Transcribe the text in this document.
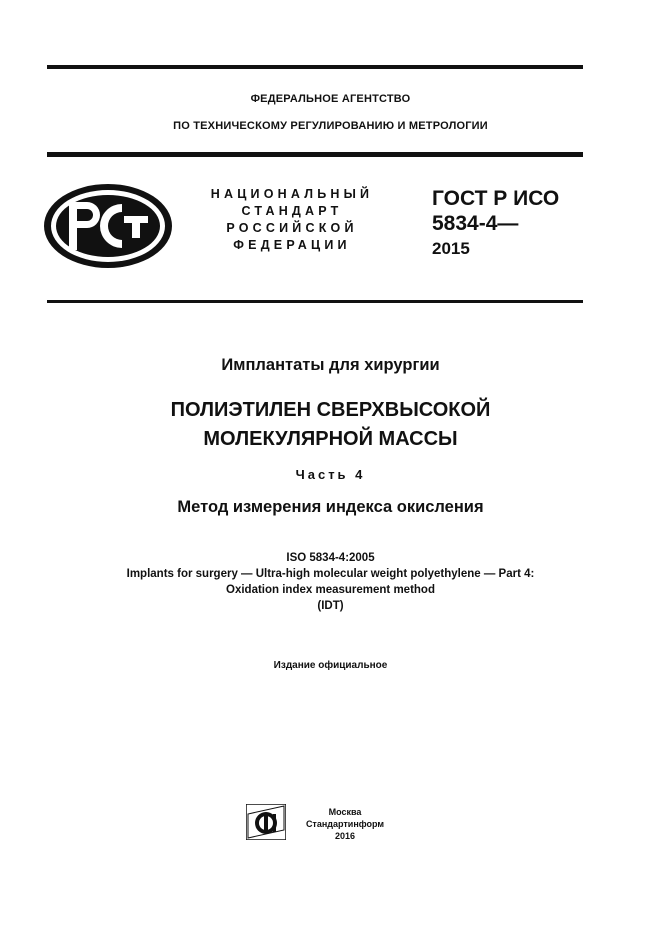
ФЕДЕРАЛЬНОЕ АГЕНТСТВО
ПО ТЕХНИЧЕСКОМУ РЕГУЛИРОВАНИЮ И МЕТРОЛОГИИ
НАЦИОНАЛЬНЫЙ
СТАНДАРТ
РОССИЙСКОЙ
ФЕДЕРАЦИИ
ГОСТ Р ИСО
5834-4—
2015
Имплантаты для хирургии
ПОЛИЭТИЛЕН СВЕРХВЫСОКОЙ
МОЛЕКУЛЯРНОЙ МАССЫ
Часть 4
Метод измерения индекса окисления
ISO 5834-4:2005
Implants for surgery — Ultra-high molecular weight polyethylene — Part 4:
Oxidation index measurement method
(IDT)
Издание официальное
Москва
Стандартинформ
2016
